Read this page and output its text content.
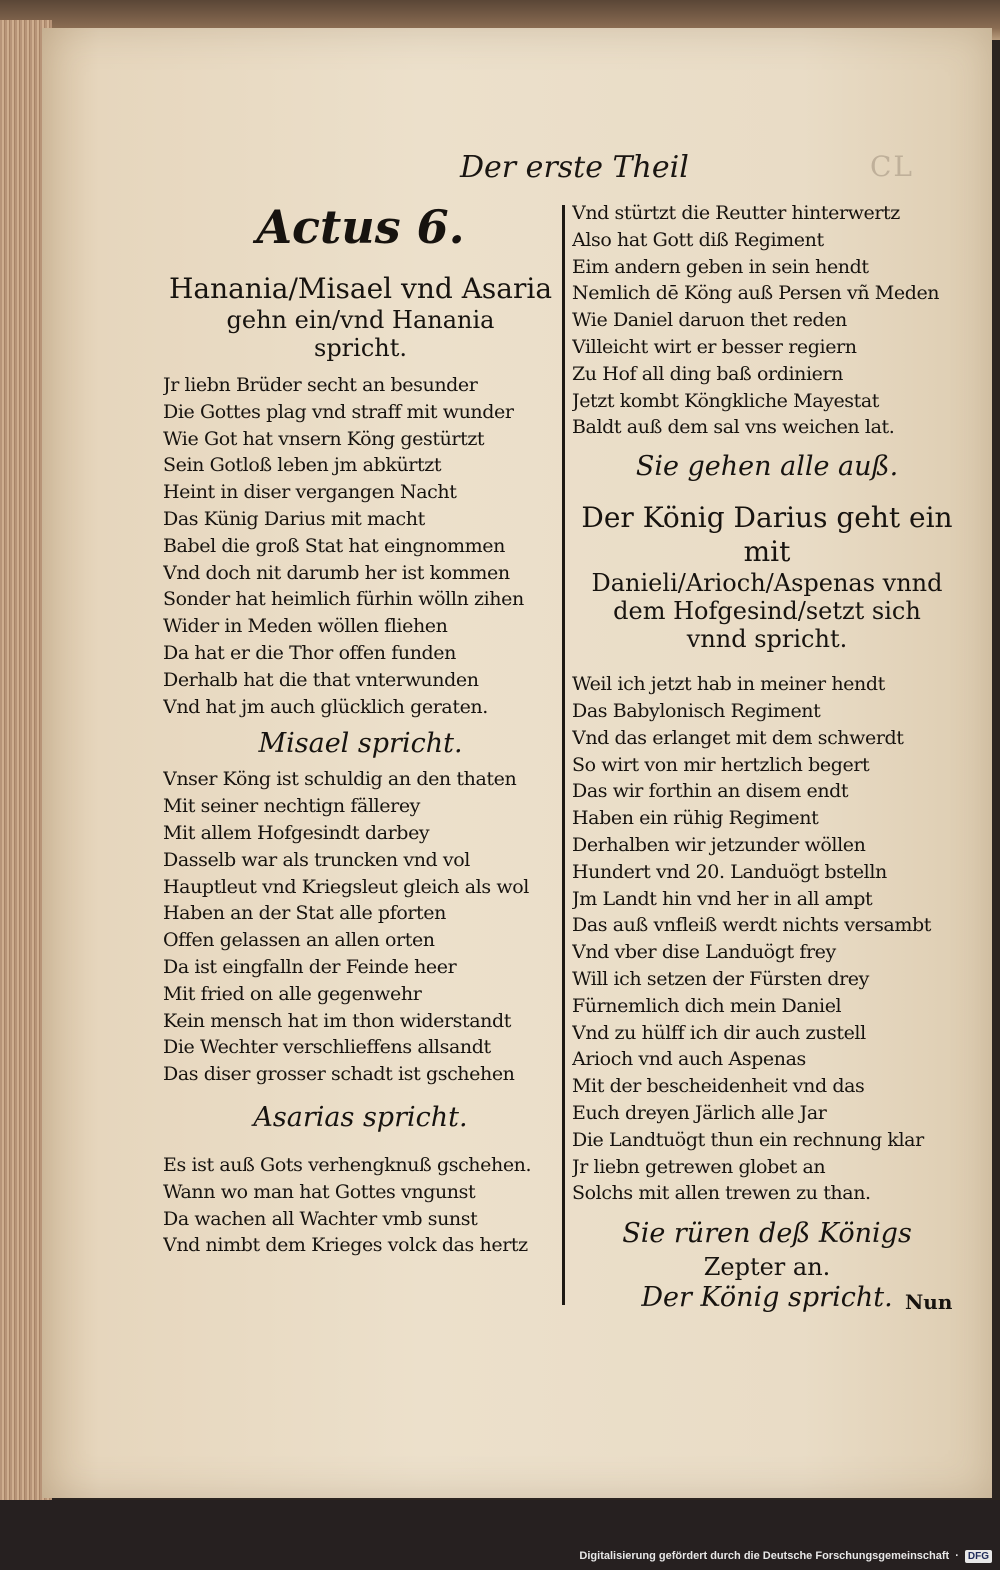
Der erste Theil	CL
Actus 6.

Hanania/Misael vnd Asaria

gehn ein/vnd Hanania

spricht.

Jr liebn Brüder secht an besunder
Die Gottes plag vnd straff mit wunder
Wie Got hat vnsern Köng gestürtzt
Sein Gotloß leben jm abkürtzt
Heint in diser vergangen Nacht
Das Künig Darius mit macht
Babel die groß Stat hat eingnommen
Vnd doch nit darumb her ist kommen
Sonder hat heimlich fürhin wölln zihen
Wider in Meden wöllen fliehen
Da hat er die Thor offen funden
Derhalb hat die that vnterwunden
Vnd hat jm auch glücklich geraten.
Misael spricht.
Vnser Köng ist schuldig an den thaten
Mit seiner nechtign fällerey
Mit allem Hofgesindt darbey
Dasselb war als truncken vnd vol
Hauptleut vnd Kriegsleut gleich als wol
Haben an der Stat alle pforten
Offen gelassen an allen orten
Da ist eingfalln der Feinde heer
Mit fried on alle gegenwehr
Kein mensch hat im thon widerstandt
Die Wechter verschlieffens allsandt
Das diser grosser schadt ist gschehen
Asarias spricht.
Es ist auß Gots verhengknuß gschehen.
Wann wo man hat Gottes vngunst
Da wachen all Wachter vmb sunst
Vnd nimbt dem Krieges volck das hertz
Vnd stürtzt die Reutter hinterwertz
Also hat Gott diß Regiment
Eim andern geben in sein hendt
Nemlich dē Köng auß Persen vñ Meden
Wie Daniel daruon thet reden
Villeicht wirt er besser regiern
Zu Hof all ding baß ordiniern
Jetzt kombt Köngkliche Mayestat
Baldt auß dem sal vns weichen lat.
Sie gehen alle auß.

Der König Darius geht ein mit

Danieli/Arioch/Aspenas vnnd

dem Hofgesind/setzt sich

vnnd spricht.

Weil ich jetzt hab in meiner hendt
Das Babylonisch Regiment
Vnd das erlanget mit dem schwerdt
So wirt von mir hertzlich begert
Das wir forthin an disem endt
Haben ein rühig Regiment
Derhalben wir jetzunder wöllen
Hundert vnd 20. Landuögt bstelln
Jm Landt hin vnd her in all ampt
Das auß vnfleiß werdt nichts versambt
Vnd vber dise Landuögt frey
Will ich setzen der Fürsten drey
Fürnemlich dich mein Daniel
Vnd zu hülff ich dir auch zustell
Arioch vnd auch Aspenas
Mit der bescheidenheit vnd das
Euch dreyen Järlich alle Jar
Die Landtuögt thun ein rechnung klar
Jr liebn getrewen globet an
Solchs mit allen trewen zu than.
Sie rüren deß Königs

Zepter an.

Der König spricht. Nun
Digitalisierung gefördert durch die Deutsche Forschungsgemeinschaft · DFG
